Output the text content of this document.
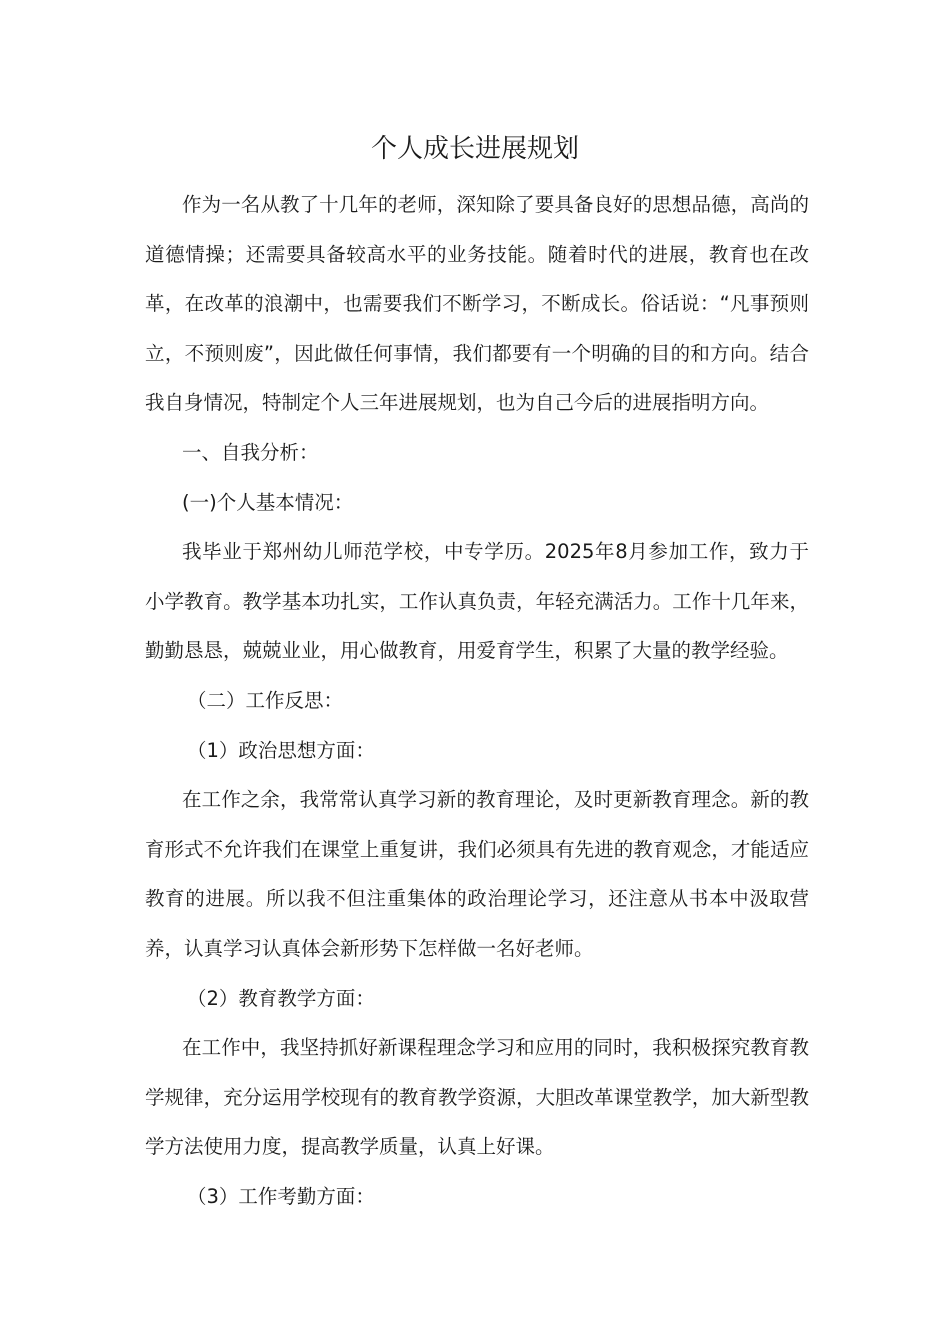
个人成长进展规划

作为一名从教了十几年的老师，深知除了要具备良好的思想品德，高尚的道德情操；还需要具备较高水平的业务技能。随着时代的进展，教育也在改革，在改革的浪潮中，也需要我们不断学习，不断成长。俗话说：“凡事预则立，不预则废”，因此做任何事情，我们都要有一个明确的目的和方向。结合我自身情况，特制定个人三年进展规划，也为自己今后的进展指明方向。

一、自我分析：

(一)个人基本情况：

我毕业于郑州幼儿师范学校，中专学历。2025年8月参加工作，致力于小学教育。教学基本功扎实，工作认真负责，年轻充满活力。工作十几年来，勤勤恳恳，兢兢业业，用心做教育，用爱育学生，积累了大量的教学经验。

（二）工作反思：

（1）政治思想方面：

在工作之余，我常常认真学习新的教育理论，及时更新教育理念。新的教育形式不允许我们在课堂上重复讲，我们必须具有先进的教育观念，才能适应教育的进展。所以我不但注重集体的政治理论学习，还注意从书本中汲取营养，认真学习认真体会新形势下怎样做一名好老师。

（2）教育教学方面：

在工作中，我坚持抓好新课程理念学习和应用的同时，我积极探究教育教学规律，充分运用学校现有的教育教学资源，大胆改革课堂教学，加大新型教学方法使用力度，提高教学质量，认真上好课。

（3）工作考勤方面：
